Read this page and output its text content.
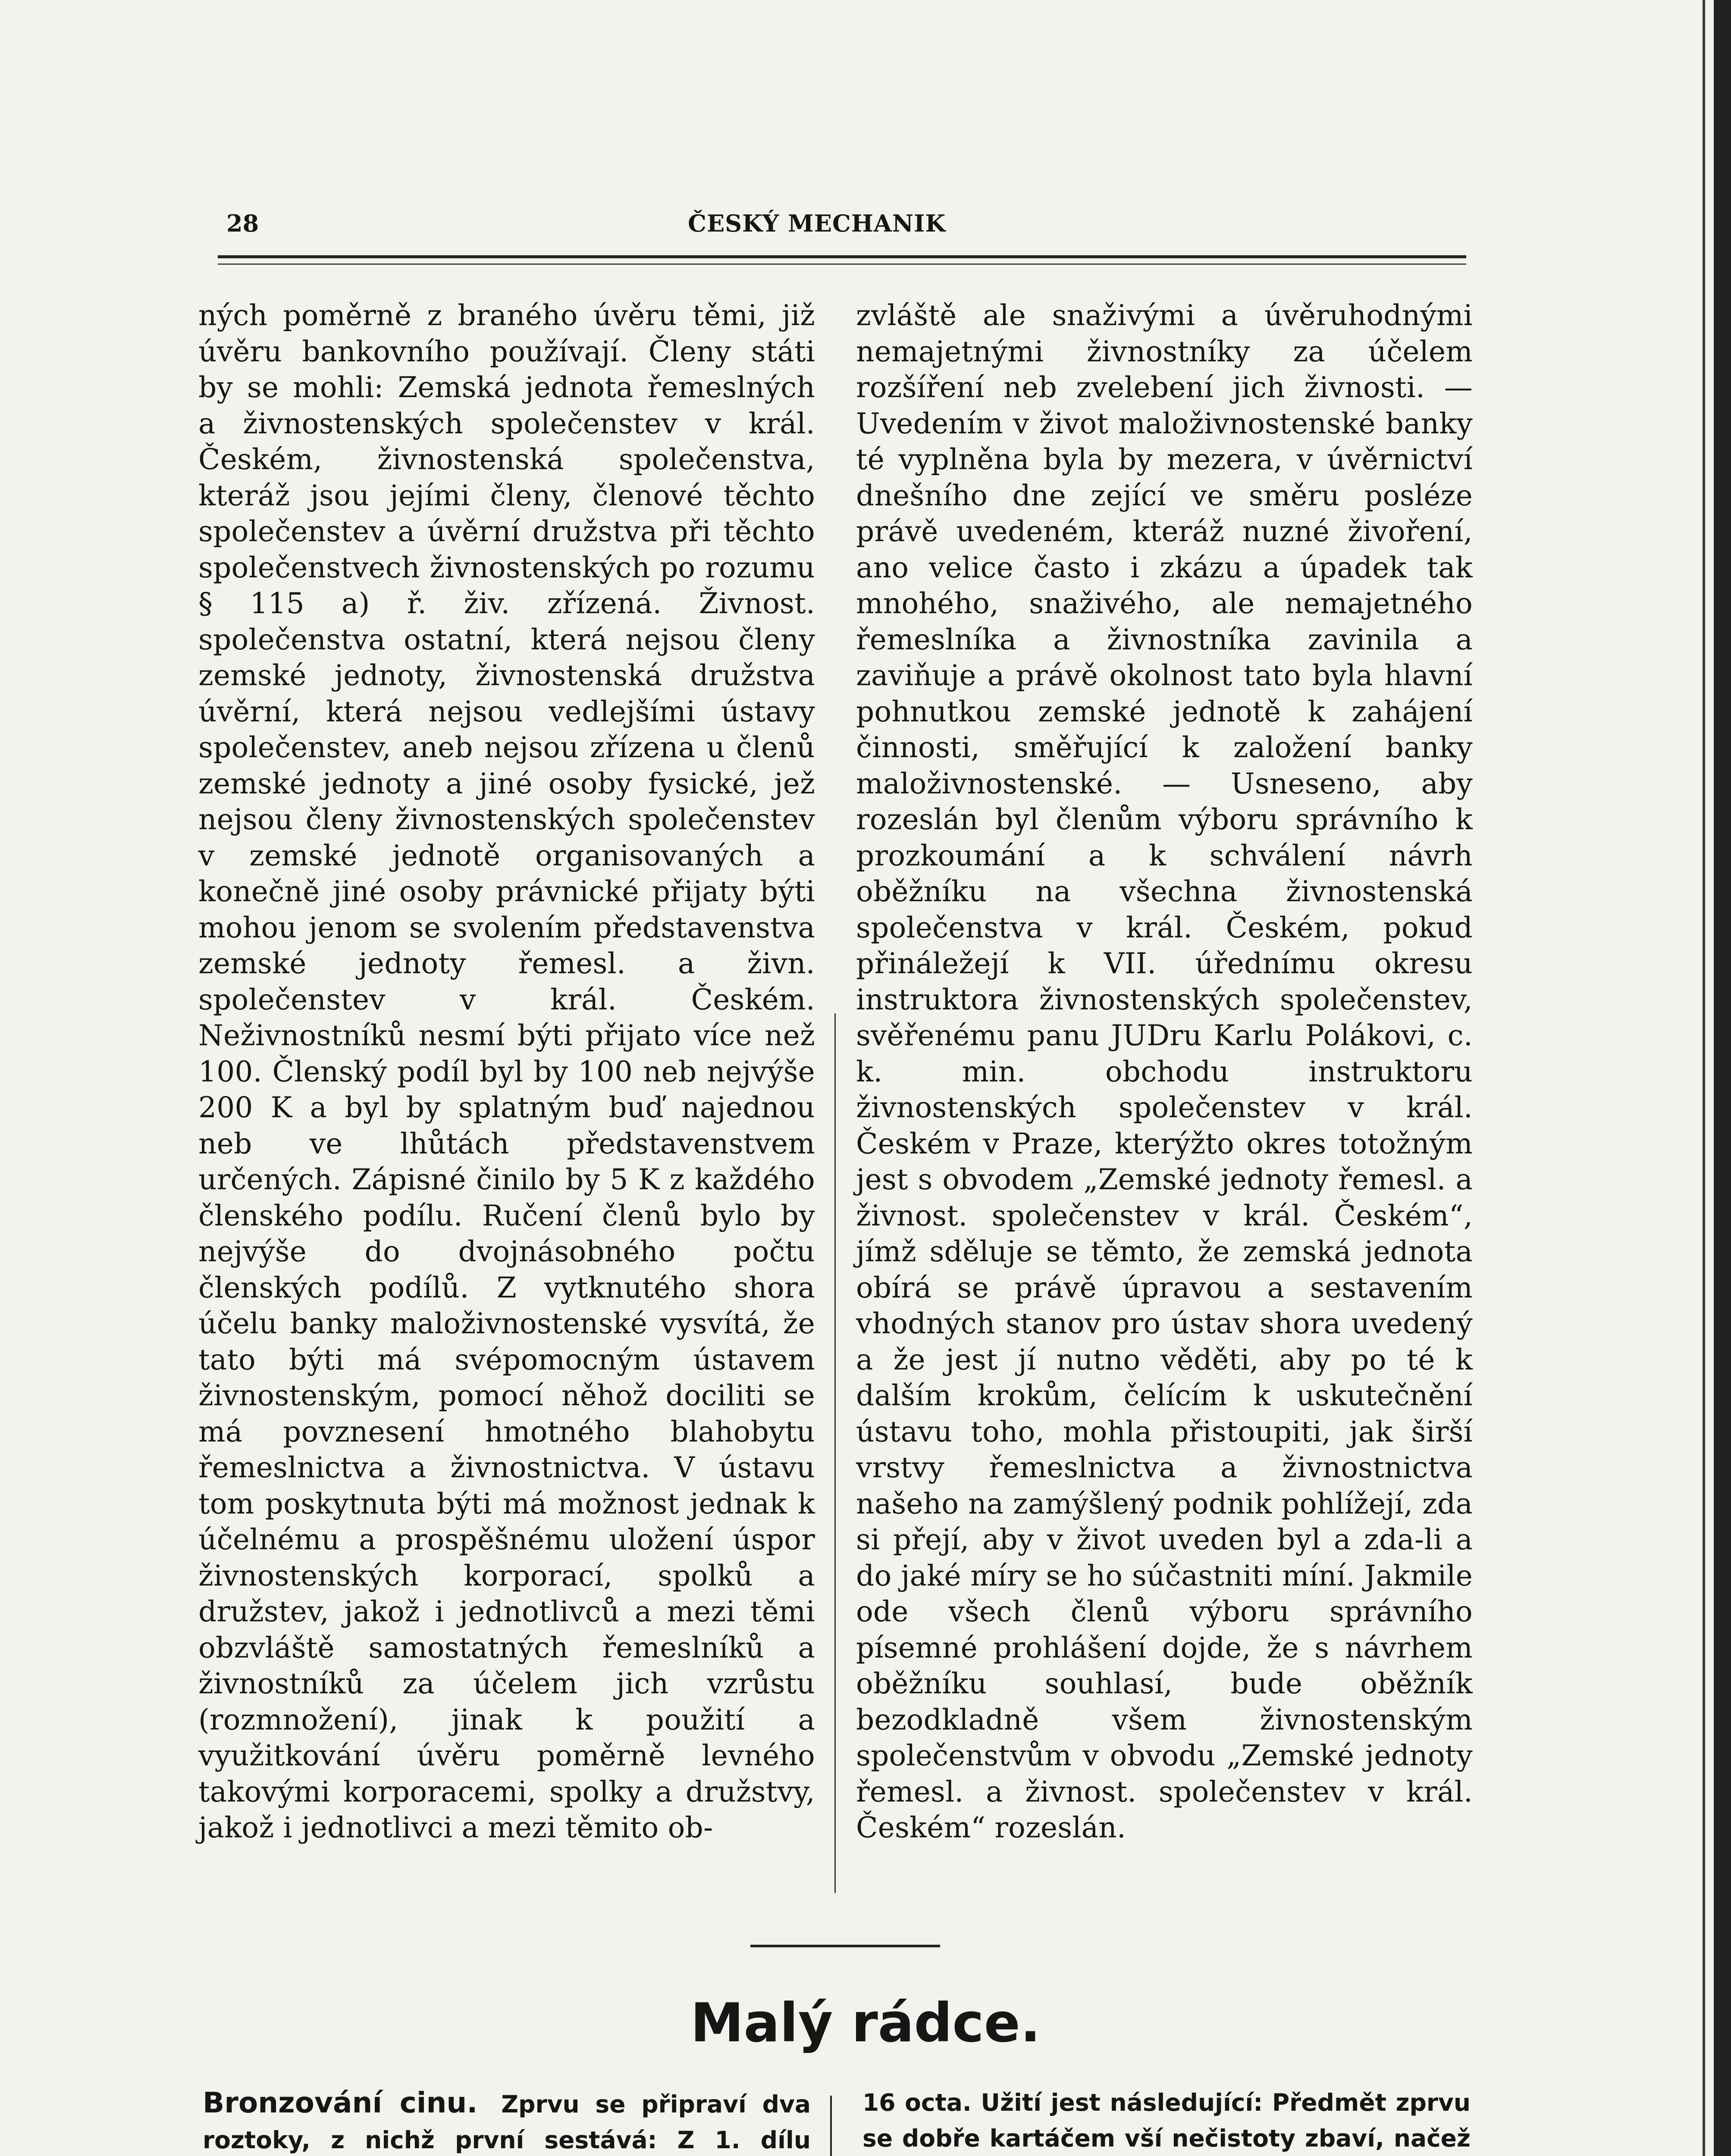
28	ČESKÝ MECHANIK
ných poměrně z braného úvěru těmi, již úvěru bankovního používají. Členy státi by se mohli: Zemská jednota řemeslných a živnostenských společenstev v král. Českém, živnostenská společenstva, kteráž jsou jejími členy, členové těchto společenstev a úvěrní družstva při těchto společenstvech živnostenských po rozumu § 115 a) ř. živ. zřízená. Živnost. společenstva ostatní, která nejsou členy zemské jednoty, živnostenská družstva úvěrní, která nejsou vedlejšími ústavy společenstev, aneb nejsou zřízena u členů zemské jednoty a jiné osoby fysické, jež nejsou členy živnostenských společenstev v zemské jednotě organisovaných a konečně jiné osoby právnické přijaty býti mohou jenom se svolením představenstva zemské jednoty řemesl. a živn. společenstev v král. Českém. Neživnostníků nesmí býti přijato více než 100. Členský podíl byl by 100 neb nejvýše 200 K a byl by splatným buď najednou neb ve lhůtách představenstvem určených. Zápisné činilo by 5 K z každého členského podílu. Ručení členů bylo by nejvýše do dvojnásobného počtu členských podílů. Z vytknutého shora účelu banky maloživnostenské vysvítá, že tato býti má svépomocným ústavem živnostenským, pomocí něhož dociliti se má povznesení hmotného blahobytu řemeslnictva a živnostnictva. V ústavu tom poskytnuta býti má možnost jednak k účelnému a prospěšnému uložení úspor živnostenských korporací, spolků a družstev, jakož i jednotlivců a mezi těmi obzvláště samostatných řemeslníků a živnostníků za účelem jich vzrůstu (rozmnožení), jinak k použití a využitkování úvěru poměrně levného takovými korporacemi, spolky a družstvy, jakož i jednotlivci a mezi těmito ob-
zvláště ale snaživými a úvěruhodnými nemajetnými živnostníky za účelem rozšíření neb zvelebení jich živnosti. — Uvedením v život maloživnostenské banky té vyplněna byla by mezera, v úvěrnictví dnešního dne zející ve směru posléze právě uvedeném, kteráž nuzné živoření, ano velice často i zkázu a úpadek tak mnohého, snaživého, ale nemajetného řemeslníka a živnostníka zavinila a zaviňuje a právě okolnost tato byla hlavní pohnutkou zemské jednotě k zahájení činnosti, směřující k založení banky maloživnostenské. — Usneseno, aby rozeslán byl členům výboru správního k prozkoumání a k schválení návrh oběžníku na všechna živnostenská společenstva v král. Českém, pokud přináležejí k VII. úřednímu okresu instruktora živnostenských společenstev, svěřenému panu JUDru Karlu Polákovi, c. k. min. obchodu instruktoru živnostenských společenstev v král. Českém v Praze, kterýžto okres totožným jest s obvodem „Zemské jednoty řemesl. a živnost. společenstev v král. Českém“, jímž sděluje se těmto, že zemská jednota obírá se právě úpravou a sestavením vhodných stanov pro ústav shora uvedený a že jest jí nutno věděti, aby po té k dalším krokům, čelícím k uskutečnění ústavu toho, mohla přistoupiti, jak širší vrstvy řemeslnictva a živnostnictva našeho na zamýšlený podnik pohlížejí, zda si přejí, aby v život uveden byl a zda-li a do jaké míry se ho súčastniti míní. Jakmile ode všech členů výboru správního písemné prohlášení dojde, že s návrhem oběžníku souhlasí, bude oběžník bezodkladně všem živnostenským společenstvům v obvodu „Zemské jednoty řemesl. a živnost. společenstev v král. Českém“ rozeslán.
Malý rádce.
Bronzování cinu. Zprvu se připraví dva roztoky, z nichž první sestává: Z 1. dílu
16 octa. Užití jest následující: Předmět zprvu se dobře kartáčem vší nečistoty zbaví, načež
